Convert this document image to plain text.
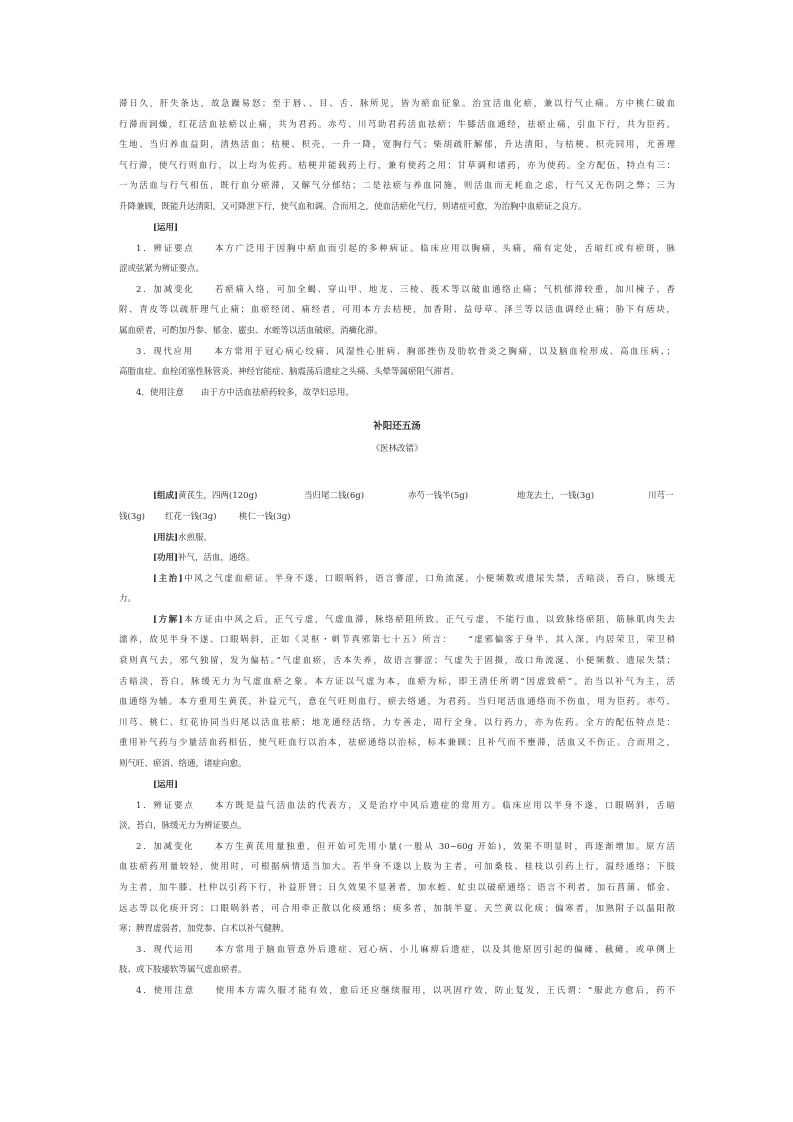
滞日久，肝失条达，故急躁易怒；至于唇、、目、舌、脉所见，皆为瘀血征象。治宜活血化瘀，兼以行气止痛。方中桃仁破血

行滞而润燥，红花活血祛瘀以止痛，共为君药。赤芍、川芎助君药活血祛瘀；牛膝活血通经，祛瘀止痛，引血下行，共为臣药。

生地、当归养血益阴，清热活血；桔梗、枳壳，一升一降，宽胸行气；柴胡疏肝解郁，升达清阳，与桔梗、枳壳同用，尤善理

气行滞，使气行则血行，以上均为佐药。桔梗并能载药上行，兼有使药之用；甘草调和诸药，亦为使药。全方配伍，特点有三：

一为活血与行气相伍，既行血分瘀滞，又解气分郁结；二是祛瘀与养血同施，则活血而无耗血之虑，行气又无伤阴之弊；三为

升降兼顾，既能升达清阳，又可降泄下行，使气血和调。合而用之，使血活瘀化气行，则诸症可愈，为治胸中血瘀证之良方。

[运用]

1．辨证要点　　本方广泛用于因胸中瘀血而引起的多种病证。临床应用以胸痛，头痛，痛有定处，舌暗红或有瘀斑，脉

涩或弦紧为辨证要点。

2．加减变化　　若瘀痛入络，可加全蝎、穿山甲、地龙、三棱、莪术等以破血通络止痛；气机郁滞较重，加川楝子、香

附、青皮等以疏肝理气止痛；血瘀经闭、痛经者，可用本方去桔梗，加香附、益母草、泽兰等以活血调经止痛；胁下有痞块，

属血瘀者，可酌加丹参、郁金、䗪虫、水蛭等以活血破瘀，消癥化滞。

3．现代应用　　本方常用于冠心病心绞痛、风湿性心脏病、胸部挫伤及肋软骨炎之胸痛，以及脑血栓形成、高血压病、；

高脂血症、血栓闭塞性脉管炎、神经官能症、脑震荡后遗症之头痛、头晕等属瘀阻气滞者。

4．使用注意　　由于方中活血祛瘀药较多，故孕妇忌用。

补阳还五汤

《医林改错》

[组成] 黄芪生，四两(120g)	当归尾二钱(6g)	赤芍一钱半(5g)	地龙去土，一钱(3g)	川芎一
钱(3g)	红花一钱(3g)	桃仁一钱(3g)

[用法]水煎服。

[功用]补气，活血，通络。

[主治]中风之气虚血瘀证。半身不遂，口眼㖞斜，语言謇涩，口角流涎，小便频数或遗尿失禁，舌暗淡，苔白，脉缓无

力。

[方解]本方证由中风之后，正气亏虚，气虚血滞，脉络瘀阻所致。正气亏虚，不能行血，以致脉络瘀阻，筋脉肌肉失去

濡养，故见半身不遂、口眼㖞斜，正如《灵枢・刺节真邪第七十五》所言：　　“虚邪偏客于身半，其入深，内居荣卫，荣卫稍

衰则真气去，邪气独留，发为偏枯。”气虚血瘀，舌本失养，故语言謇涩；气虚失于固摄，故口角流涎、小便频数、遗尿失禁；

舌暗淡，苔白，脉缓无力为气虚血瘀之象。本方证以气虚为本，血瘀为标，即王清任所谓“因虚致瘀”。治当以补气为主，活

血通络为辅。本方重用生黄芪，补益元气，意在气旺则血行，瘀去络通，为君药。当归尾活血通络而不伤血，用为臣药。赤芍、

川芎、桃仁、红花协同当归尾以活血祛瘀；地龙通经活络，力专善走，周行全身，以行药力，亦为佐药。全方的配伍特点是：

重用补气药与少量活血药相伍，使气旺血行以治本，祛瘀通络以治标，标本兼顾；且补气而不壅滞，活血又不伤正。合而用之，

则气旺、瘀消、络通，诸症向愈。

[运用]

1．辨证要点　　本方既是益气活血法的代表方，又是治疗中风后遗症的常用方。临床应用以半身不遂，口眼㖞斜，舌暗

淡，苔白，脉缓无力为辨证要点。

2．加减变化　　本方生黄芪用量独重，但开始可先用小量(一般从 30~60g 开始)，效果不明显时，再逐渐增加。原方活

血祛瘀药用量较轻，使用时，可根据病情适当加大。若半身不遂以上肢为主者，可加桑枝、桂枝以引药上行，温经通络；下肢

为主者，加牛膝、杜仲以引药下行，补益肝肾；日久效果不显著者，加水蛭、虻虫以破瘀通络；语言不利者，加石菖蒲、郁金、

远志等以化痰开窍；口眼㖞斜者，可合用牵正散以化痰通络；痰多者，加制半夏、天竺黄以化痰；偏寒者，加熟附子以温阳散

寒；脾胃虚弱者，加党参、白术以补气健脾。

3．现代运用　　本方常用于脑血管意外后遗症、冠心病、小儿麻痹后遗症，以及其他原因引起的偏瘫、截瘫，或单侧上

肢、或下肢痿软等属气虚血瘀者。

4．使用注意　　使用本方需久服才能有效，愈后还应继续服用，以巩固疗效，防止复发，王氏谓：“服此方愈后，药不
